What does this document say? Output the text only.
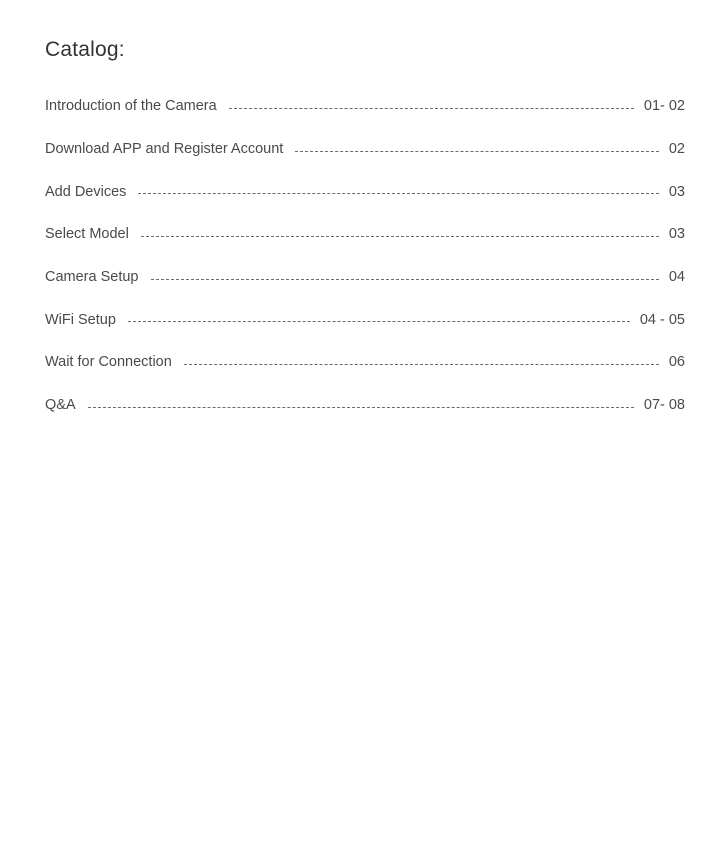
Catalog:
Introduction of the Camera	01- 02
Download APP and Register Account	02
Add Devices	03
Select Model	03
Camera Setup	04
WiFi Setup	04 - 05
Wait for Connection	06
Q&A	07- 08
